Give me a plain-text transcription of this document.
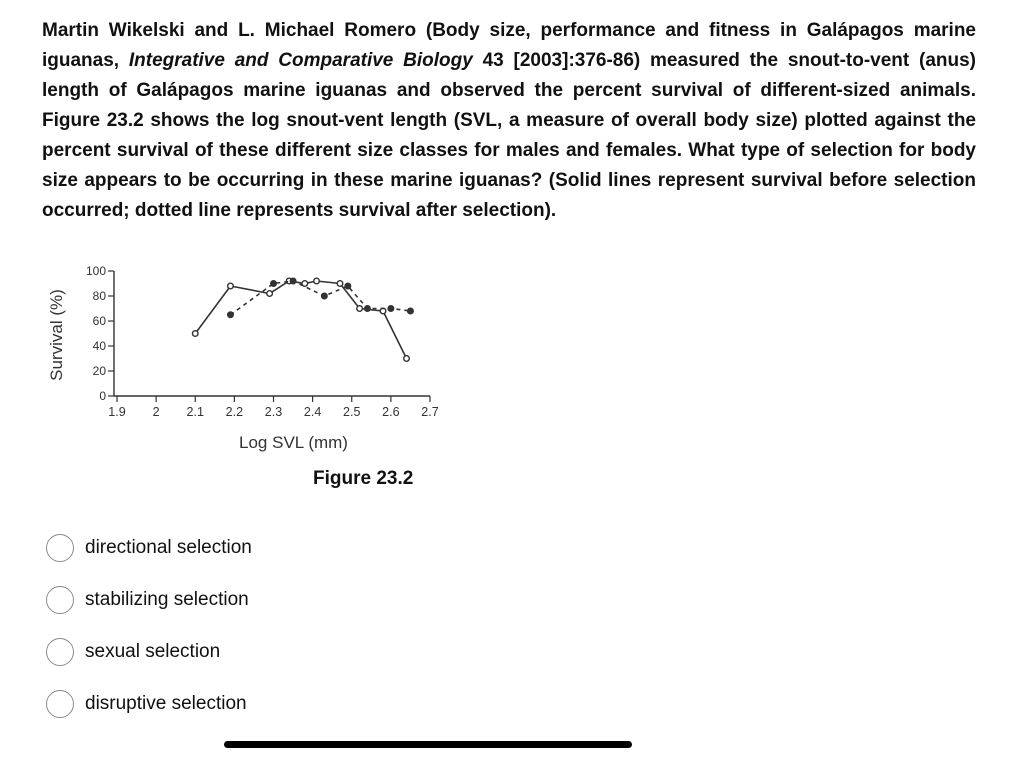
Martin Wikelski and L. Michael Romero (Body size, performance and fitness in Galápagos marine iguanas, Integrative and Comparative Biology 43 [2003]:376-86) measured the snout-to-vent (anus) length of Galápagos marine iguanas and observed the percent survival of different-sized animals. Figure 23.2 shows the log snout-vent length (SVL, a measure of overall body size) plotted against the percent survival of these different size classes for males and females. What type of selection for body size appears to be occurring in these marine iguanas? (Solid lines represent survival before selection occurred; dotted line represents survival after selection).
0
20
40
60
80
100
1.9 2 2.1 2.2 2.3 2.4 2.5 2.6 2.7
Log SVL (mm)
Survival (%)
Figure 23.2
directional selection
stabilizing selection
sexual selection
disruptive selection
